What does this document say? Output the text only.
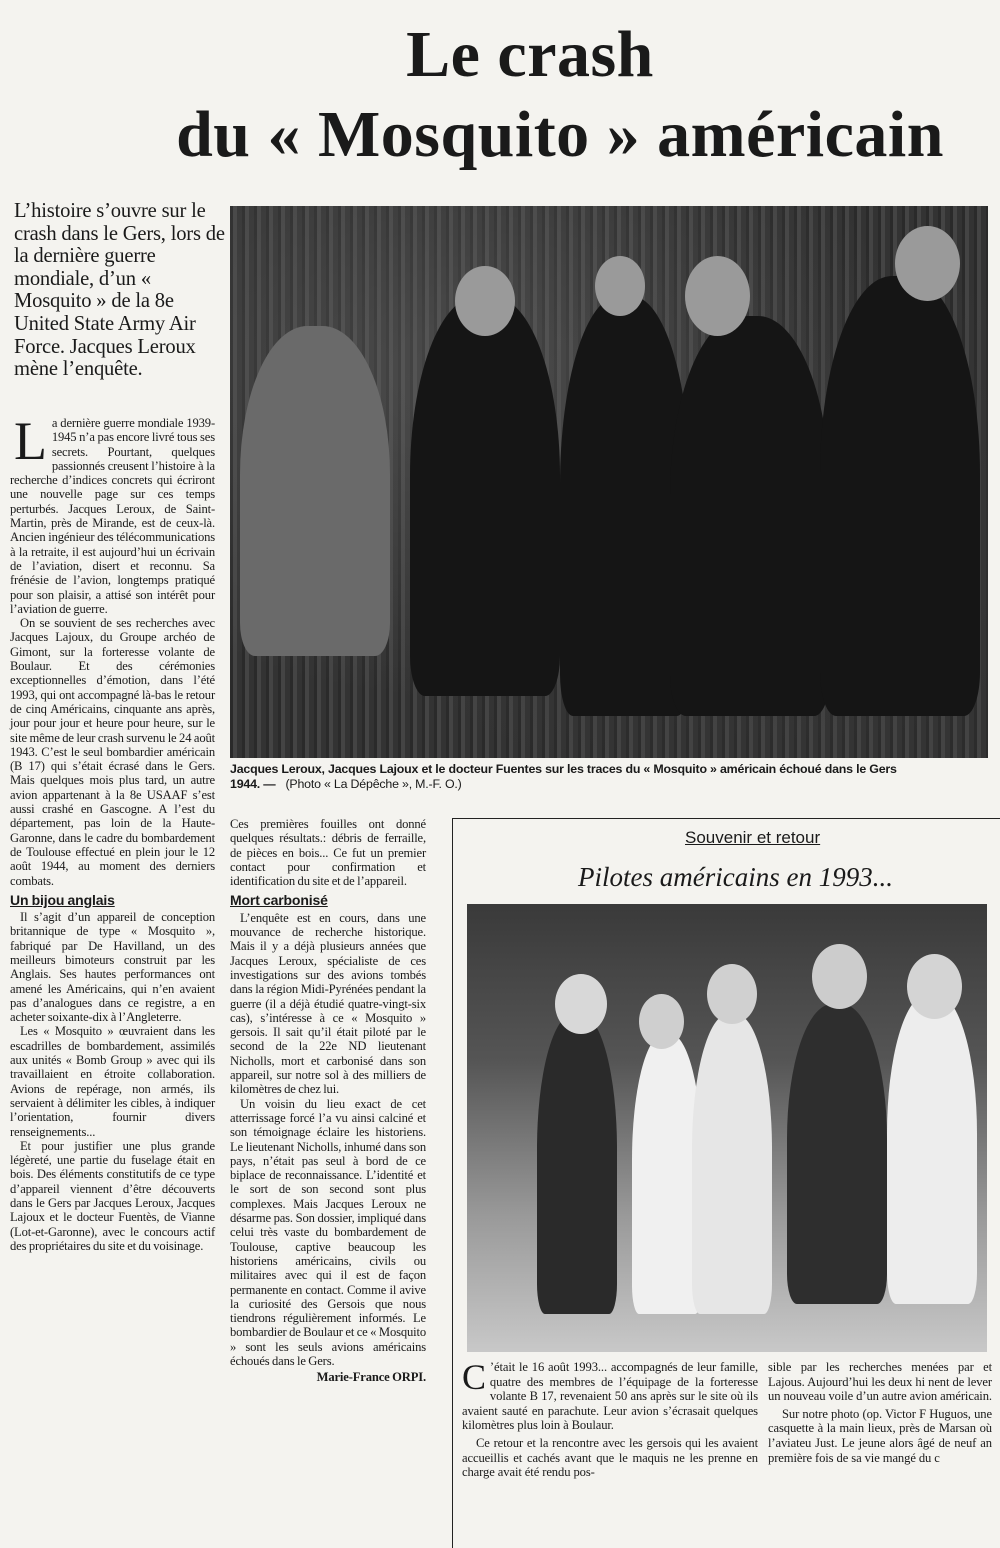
Le crash
du « Mosquito » américain
L’histoire s’ouvre sur le crash dans le Gers, lors de la dernière guerre mondiale, d’un « Mosquito » de la 8e United State Army Air Force. Jacques Leroux mène l’enquête.
Jacques Leroux, Jacques Lajoux et le docteur Fuentes sur les traces du « Mosquito » américain échoué dans le Gers
1944. — (Photo « La Dépêche », M.-F. O.)
L a dernière guerre mondiale 1939-1945 n’a pas encore livré tous ses secrets. Pourtant, quelques passionnés creusent l’histoire à la recherche d’indices concrets qui écriront une nouvelle page sur ces temps perturbés. Jacques Leroux, de Saint-Martin, près de Mirande, est de ceux-là. Ancien ingénieur des télécommunications à la retraite, il est aujourd’hui un écrivain de l’aviation, disert et reconnu. Sa frénésie de l’avion, longtemps pratiqué pour son plaisir, a attisé son intérêt pour l’aviation de guerre.

On se souvient de ses recherches avec Jacques Lajoux, du Groupe archéo de Gimont, sur la forteresse volante de Boulaur. Et des cérémonies exceptionnelles d’émotion, dans l’été 1993, qui ont accompagné là-bas le retour de cinq Américains, cinquante ans après, jour pour jour et heure pour heure, sur le site même de leur crash survenu le 24 août 1943. C’est le seul bombardier américain (B 17) qui s’était écrasé dans le Gers. Mais quelques mois plus tard, un autre avion appartenant à la 8e USAAF s’est aussi crashé en Gascogne. A l’est du département, pas loin de la Haute-Garonne, dans le cadre du bombardement de Toulouse effectué en plein jour le 12 août 1944, au moment des derniers combats.

Un bijou anglais

Il s’agit d’un appareil de conception britannique de type « Mosquito », fabriqué par De Havilland, un des meilleurs bimoteurs construit par les Anglais. Ses hautes performances ont amené les Américains, qui n’en avaient pas d’analogues dans ce registre, a en acheter soixante-dix à l’Angleterre.

Les « Mosquito » œuvraient dans les escadrilles de bombardement, assimilés aux unités « Bomb Group » avec qui ils travaillaient en étroite collaboration. Avions de repérage, non armés, ils servaient à délimiter les cibles, à indiquer l’orientation, fournir divers renseignements...

Et pour justifier une plus grande légèreté, une partie du fuselage était en bois. Des éléments constitutifs de ce type d’appareil viennent d’être découverts dans le Gers par Jacques Leroux, Jacques Lajoux et le docteur Fuentès, de Vianne (Lot-et-Garonne), avec le concours actif des propriétaires du site et du voisinage.

Ces premières fouilles ont donné quelques résultats.: débris de ferraille, de pièces en bois... Ce fut un premier contact pour confirmation et identification du site et de l’appareil.

Mort carbonisé

L’enquête est en cours, dans une mouvance de recherche historique. Mais il y a déjà plusieurs années que Jacques Leroux, spécialiste de ces investigations sur des avions tombés dans la région Midi-Pyrénées pendant la guerre (il a déjà étudié quatre-vingt-six cas), s’intéresse à ce « Mosquito » gersois. Il sait qu’il était piloté par le second de la 22e ND lieutenant Nicholls, mort et carbonisé dans son appareil, sur notre sol à des milliers de kilomètres de chez lui.

Un voisin du lieu exact de cet atterrissage forcé l’a vu ainsi calciné et son témoignage éclaire les historiens. Le lieutenant Nicholls, inhumé dans son pays, n’était pas seul à bord de ce biplace de reconnaissance. L’identité et le sort de son second sont plus complexes. Mais Jacques Leroux ne désarme pas. Son dossier, impliqué dans celui très vaste du bombardement de Toulouse, captive beaucoup les historiens américains, civils ou militaires avec qui il est de façon permanente en contact. Comme il avive la curiosité des Gersois que nous tiendrons régulièrement informés. Le bombardier de Boulaur et ce « Mosquito » sont les seuls avions américains échoués dans le Gers.

Marie-France ORPI.
Souvenir et retour
Pilotes américains en 1993...
C ’était le 16 août 1993... accompagnés de leur famille, quatre des membres de l’équipage de la forteresse volante B 17, revenaient 50 ans après sur le site où ils avaient sauté en parachute. Leur avion s’écrasait quelques kilomètres plus loin à Boulaur.

Ce retour et la rencontre avec les gersois qui les avaient accueillis et cachés avant que le maquis ne les prenne en charge avait été rendu pos-

sible par les recherches menées par et Lajous. Aujourd’hui les deux hi nent de lever un nouveau voile d’un autre avion américain.

Sur notre photo (op. Victor F Huguos, une casquette à la main lieux, près de Marsan où l’aviateu Just. Le jeune alors âgé de neuf an première fois de sa vie mangé du c
